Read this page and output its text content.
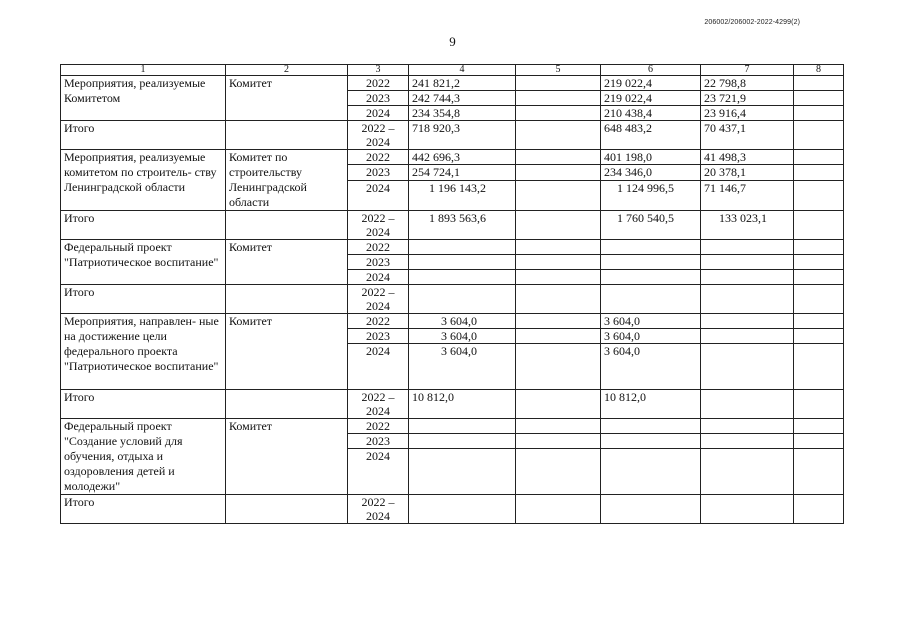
206002/206002-2022-4299(2)
9
1	2	3	4	5	6	7	8
Мероприятия, реализуемые Комитетом	Комитет	2022	241 821,2		219 022,4	22 798,8	
		2023	242 744,3		219 022,4	23 721,9	
		2024	234 354,8		210 438,4	23 916,4	
Итого		2022 – 2024	718 920,3		648 483,2	70 437,1	
Мероприятия, реализуемые комитетом по строитель- ству Ленинградской области	Комитет по строительству Ленинградской области	2022	442 696,3		401 198,0	41 498,3	
		2023	254 724,1		234 346,0	20 378,1	
		2024	1 196 143,2		1 124 996,5	71 146,7	
Итого		2022 – 2024	1 893 563,6		1 760 540,5	133 023,1	
Федеральный проект "Патриотическое воспитание"	Комитет	2022					
		2023					
		2024					
Итого		2022 – 2024					
Мероприятия, направлен- ные на достижение цели федерального проекта "Патриотическое воспитание"	Комитет	2022	3 604,0		3 604,0		
		2023	3 604,0		3 604,0		
		2024	3 604,0		3 604,0		
Итого		2022 – 2024	10 812,0		10 812,0		
Федеральный проект "Создание условий для обучения, отдыха и оздоровления детей и молодежи"	Комитет	2022					
		2023					
		2024					
Итого		2022 – 2024					
